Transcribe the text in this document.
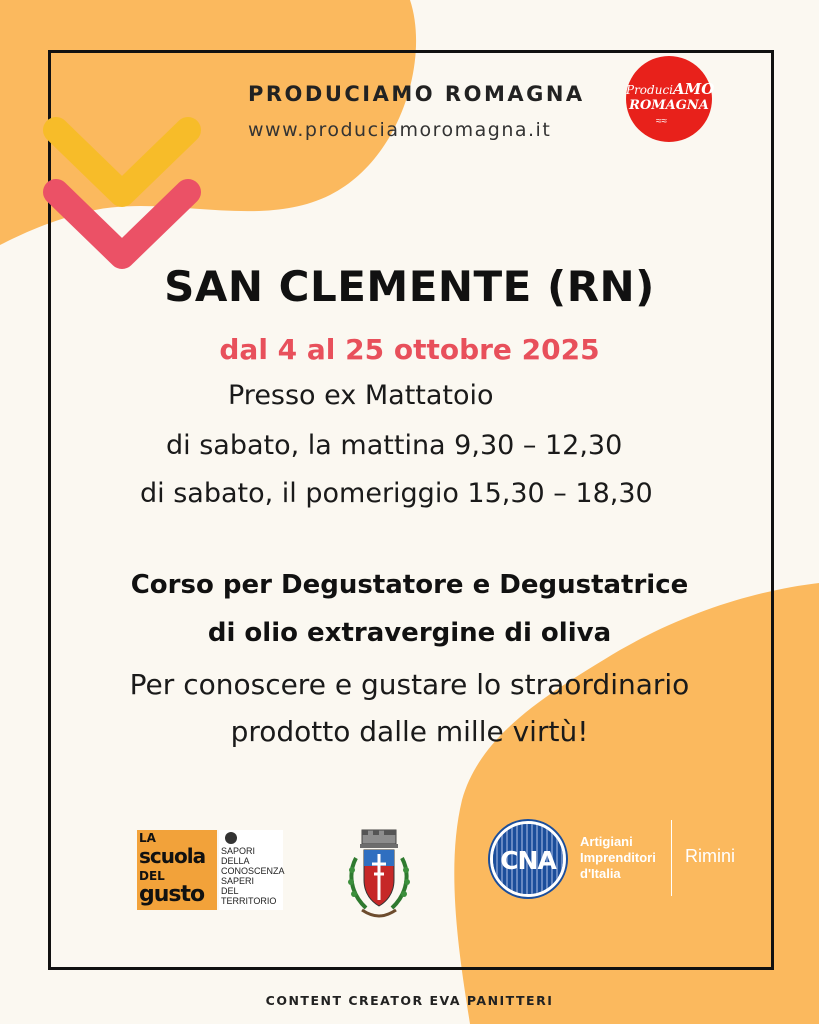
PRODUCIAMO ROMAGNA
www.produciamoromagna.it
ProduciAMO
ROMAGNA
≈≈
SAN CLEMENTE (RN)
dal 4 al 25 ottobre 2025
Presso ex Mattatoio
di sabato, la mattina 9,30 – 12,30
di sabato, il pomeriggio 15,30 – 18,30
Corso per Degustatore e Degustatrice
di olio extravergine di oliva
Per conoscere e gustare lo straordinario
prodotto dalle mille virtù!
LA
scuola
DEL
gusto
SAPORI
DELLA
CONOSCENZA
SAPERI
DEL
TERRITORIO
CNA
Artigiani
Imprenditori
d'Italia
Rimini
CONTENT CREATOR EVA PANITTERI
